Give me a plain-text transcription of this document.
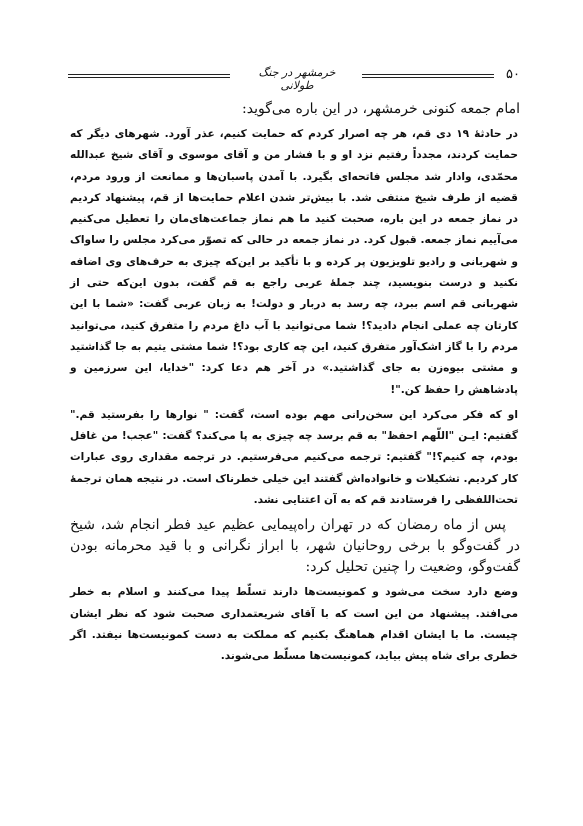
خرمشهر در جنگ طولانی
۵۰

امام جمعه کنونی خرمشهر، در این باره می‌گوید:

در حادثهٔ ۱۹ دی قم، هر چه اصرار کردم که حمایت کنیم، عذر آورد. شهرهای دیگر که حمایت کردند، مجدداً رفتیم نزد او و با فشار من و آقای موسوی و آقای شیخ عبدالله محمّدی، وادار شد مجلس فاتحه‌ای بگیرد. با آمدن پاسبان‌ها و ممانعت از ورود مردم، قضیه از طرف شیخ منتفی شد. با بیش‌تر شدن اعلام حمایت‌ها از قم، پیشنهاد کردیم در نماز جمعه در این باره، صحبت کنید ما هم نماز جماعت‌های‌مان را تعطیل می‌کنیم می‌آییم نماز جمعه. قبول کرد. در نماز جمعه در حالی که تصوّر می‌کرد مجلس را ساواک و شهربانی و رادیو تلویزیون پر کرده و با تأکید بر این‌که چیزی به حرف‌های وی اضافه نکنید و درست بنویسید، چند جملهٔ عربی راجع به قم گفت، بدون این‌که حتی از شهربانی قم اسم ببرد، چه رسد به دربار و دولت! به زبان عربی گفت: «شما با این کارتان چه عملی انجام دادید؟! شما می‌توانید با آب داغ مردم را متفرق کنید، می‌توانید مردم را با گاز اشک‌آور متفرق کنید، این چه کاری بود؟! شما مشتی یتیم به جا گذاشتید و مشتی بیوه‌زن به جای گذاشتید.» در آخر هم دعا کرد: "خدایا، این سرزمین و پادشاهش را حفظ کن."!

او که فکر می‌کرد این سخن‌رانی مهم بوده است، گفت: " نوارها را بفرستید قم." گفتیم: ایـن "اللّهم احفظ" به قم برسد چه چیزی به پا می‌کند؟ گفت: "عجب! من غافل بودم، چه کنیم؟!" گفتیم: ترجمه می‌کنیم می‌فرستیم. در ترجمه مقداری روی عبارات کار کردیم. تشکیلات و خانواده‌اش گفتند این خیلی خطرناک است. در نتیجه همان ترجمهٔ تحت‌اللفظی را فرستادند قم که به آن اعتنایی نشد.

پس از ماه رمضان که در تهران راه‌پیمایی عظیم عید فطر انجام شد، شیخ در گفت‌وگو با برخی روحانیان شهر، با ابراز نگرانی و با قید محرمانه بودن گفت‌وگو، وضعیت را چنین تحلیل کرد:

وضع دارد سخت می‌شود و کمونیست‌ها دارند تسلّط پیدا می‌کنند و اسلام به خطر می‌افتد. پیشنهاد من این است که با آقای شریعتمداری صحبت شود که نظر ایشان چیست. ما با ایشان اقدام هماهنگ بکنیم که مملکت به دست کمونیست‌ها نیفتد. اگر خطری برای شاه پیش بیاید، کمونیست‌ها مسلّط می‌شوند.
